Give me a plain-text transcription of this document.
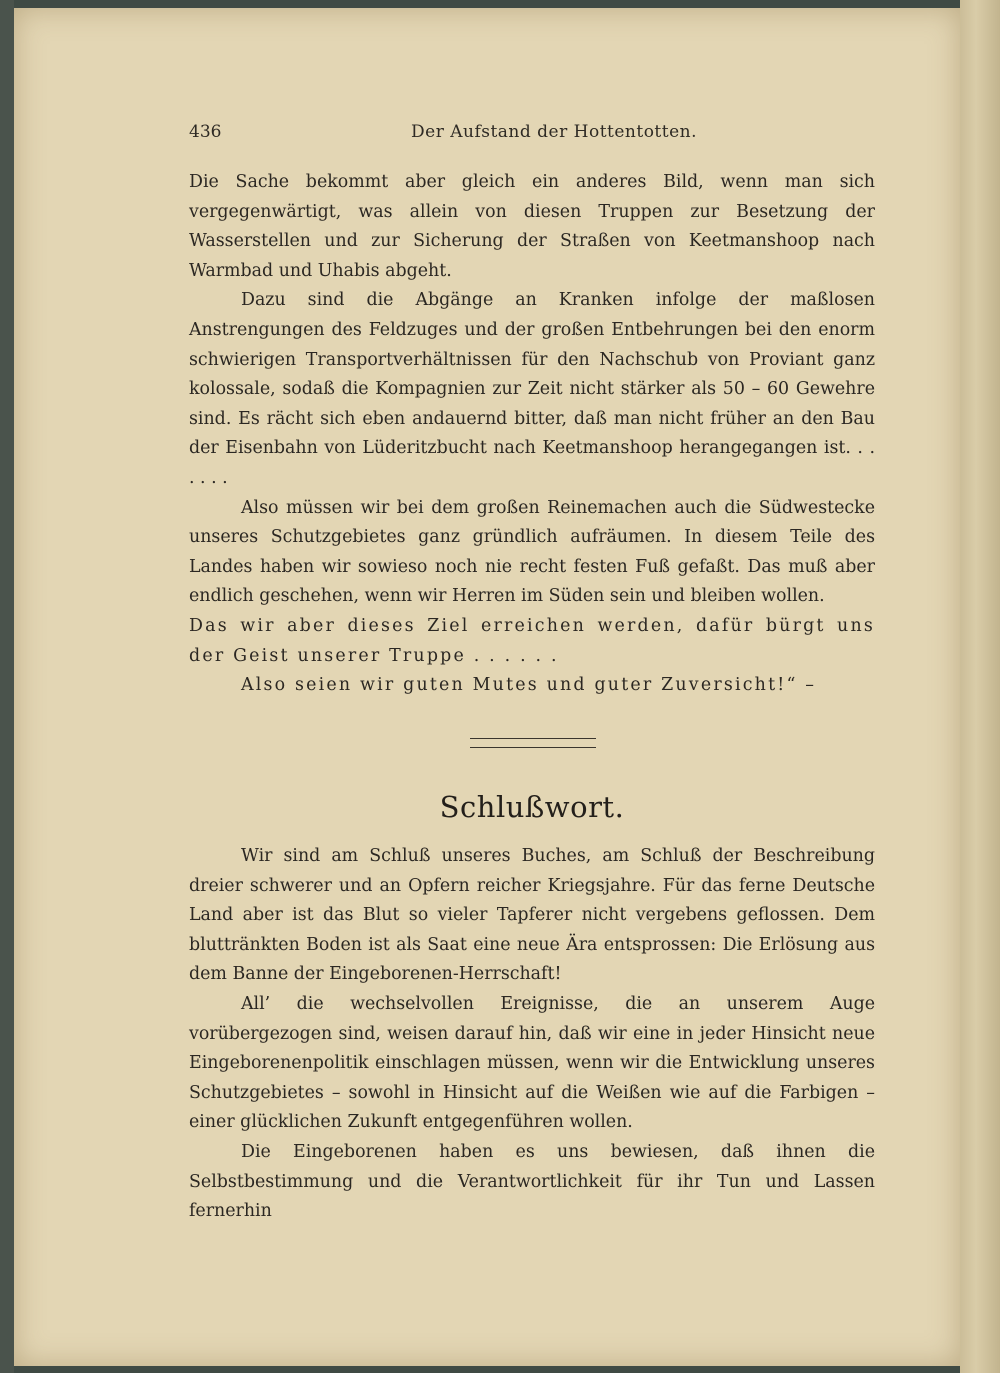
436	Der Aufstand der Hottentotten.

Die Sache bekommt aber gleich ein anderes Bild, wenn man sich vergegenwärtigt, was allein von diesen Truppen zur Besetzung der Wasserstellen und zur Sicherung der Straßen von Keetmanshoop nach Warmbad und Uhabis abgeht.

Dazu sind die Abgänge an Kranken infolge der maßlosen Anstrengungen des Feldzuges und der großen Entbehrungen bei den enorm schwierigen Transportverhältnissen für den Nachschub von Proviant ganz kolossale, sodaß die Kompagnien zur Zeit nicht stärker als 50 – 60 Gewehre sind. Es rächt sich eben andauernd bitter, daß man nicht früher an den Bau der Eisenbahn von Lüderitzbucht nach Keetmanshoop herangegangen ist. . . . . . .

Also müssen wir bei dem großen Reinemachen auch die Südwestecke unseres Schutzgebietes ganz gründlich aufräumen. In diesem Teile des Landes haben wir sowieso noch nie recht festen Fuß gefaßt. Das muß aber endlich geschehen, wenn wir Herren im Süden sein und bleiben wollen.

Das wir aber dieses Ziel erreichen werden, dafür bürgt uns der Geist unserer Truppe . . . . . .

Also seien wir guten Mutes und guter Zuversicht!“ –

Schlußwort.

Wir sind am Schluß unseres Buches, am Schluß der Beschreibung dreier schwerer und an Opfern reicher Kriegsjahre. Für das ferne Deutsche Land aber ist das Blut so vieler Tapferer nicht vergebens geflossen. Dem bluttränkten Boden ist als Saat eine neue Ära entsprossen: Die Erlösung aus dem Banne der Eingeborenen-Herrschaft!

All’ die wechselvollen Ereignisse, die an unserem Auge vorübergezogen sind, weisen darauf hin, daß wir eine in jeder Hinsicht neue Eingeborenenpolitik einschlagen müssen, wenn wir die Entwicklung unseres Schutzgebietes – sowohl in Hinsicht auf die Weißen wie auf die Farbigen – einer glücklichen Zukunft entgegenführen wollen.

Die Eingeborenen haben es uns bewiesen, daß ihnen die Selbstbestimmung und die Verantwortlichkeit für ihr Tun und Lassen fernerhin
